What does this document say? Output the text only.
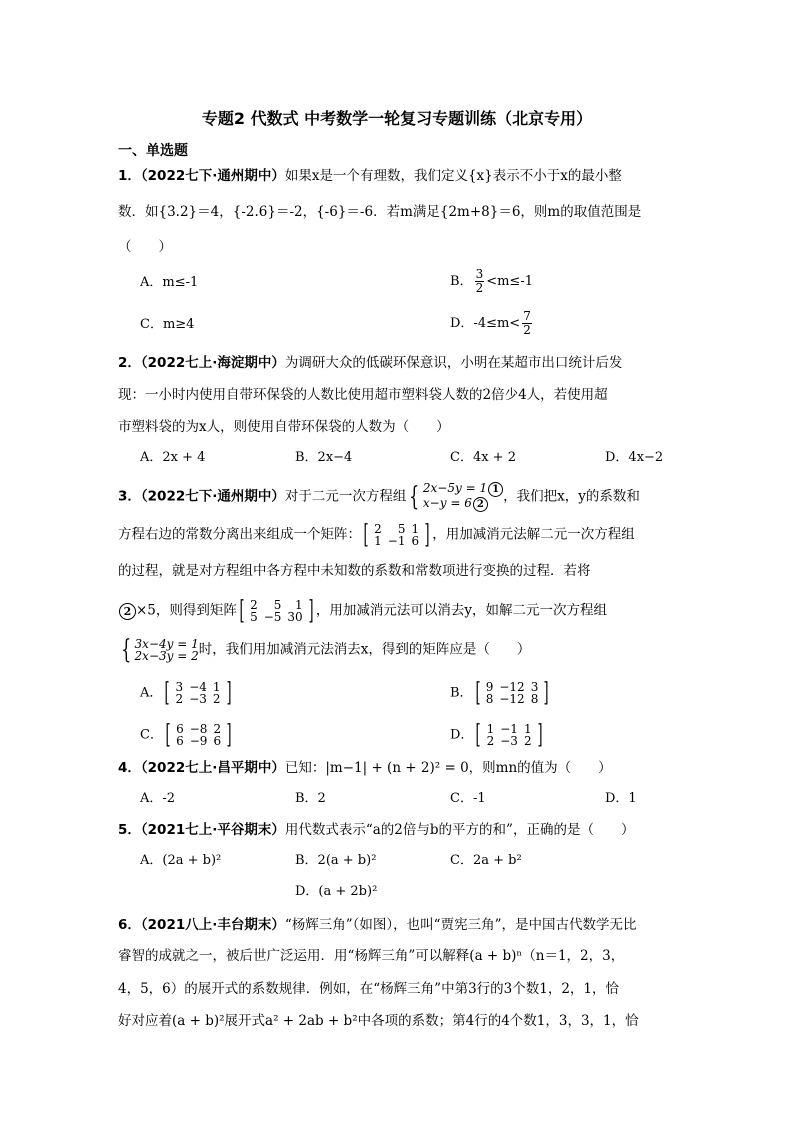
专题2 代数式 中考数学一轮复习专题训练（北京专用）
一、单选题
1．（2022七下·通州期中）如果x是一个有理数，我们定义{x}表示不小于x的最小整
数．如{3.2}＝4，{-2.6}＝-2，{-6}＝-6．若m满足{2m+8}＝6，则m的取值范围是
（　　）
A．m≤-1	B． $\frac{3}{2} <m\le-1$
C．m≥4	D．$-4\le m< \frac{7}{2}$
2．（2022七上·海淀期中）为调研大众的低碳环保意识，小明在某超市出口统计后发
现：一小时内使用自带环保袋的人数比使用超市塑料袋人数的2倍少4人，若使用超
市塑料袋的为x人，则使用自带环保袋的人数为（　　）
A．2x + 4	B．2x−4	C．4x + 2	D．4x−2
3．（2022七下·通州期中）对于二元一次方程组 { 2x−5y = 1 1
x−y = 6 2	，我们把x，y的系数和
方程右边的常数分离出来组成一个矩阵： [ 2	5	1
1	−1	6 ] ，用加减消元法解二元一次方程组
的过程，就是对方程组中各方程中未知数的系数和常数项进行变换的过程．若将
2 ×5，则得到矩阵 [ 2	5	1
5	−5	30 ] ，用加减消元法可以消去y，如解二元一次方程组
{ 3x−4y = 1
2x−3y = 2 时，我们用加减消元法消去x，得到的矩阵应是（　　）
A． [ 3	−4	1
2	−3	2 ]	B． [ 9	−12	3
8	−12	8 ]
C． [ 6	−8	2
6	−9	6 ]	D． [ 1	−1	1
2	−3	2 ]
4．（2022七上·昌平期中）已知：|m−1| + (n + 2)² = 0，则mn的值为（　　）
A．-2	B．2	C．-1	D．1
5．（2021七上·平谷期末）用代数式表示“a的2倍与b的平方的和”，正确的是（　　）
A．(2a + b)²	B．2(a + b)²	C．2a + b²
D．(a + 2b)²
6．（2021八上·丰台期末）“杨辉三角”（如图），也叫“贾宪三角”，是中国古代数学无比
睿智的成就之一，被后世广泛运用．用“杨辉三角”可以解释(a + b)ⁿ（n＝1，2，3，
4，5，6）的展开式的系数规律．例如，在“杨辉三角”中第3行的3个数1，2，1，恰
好对应着(a + b)²展开式a² + 2ab + b²中各项的系数；第4行的4个数1，3，3，1，恰
